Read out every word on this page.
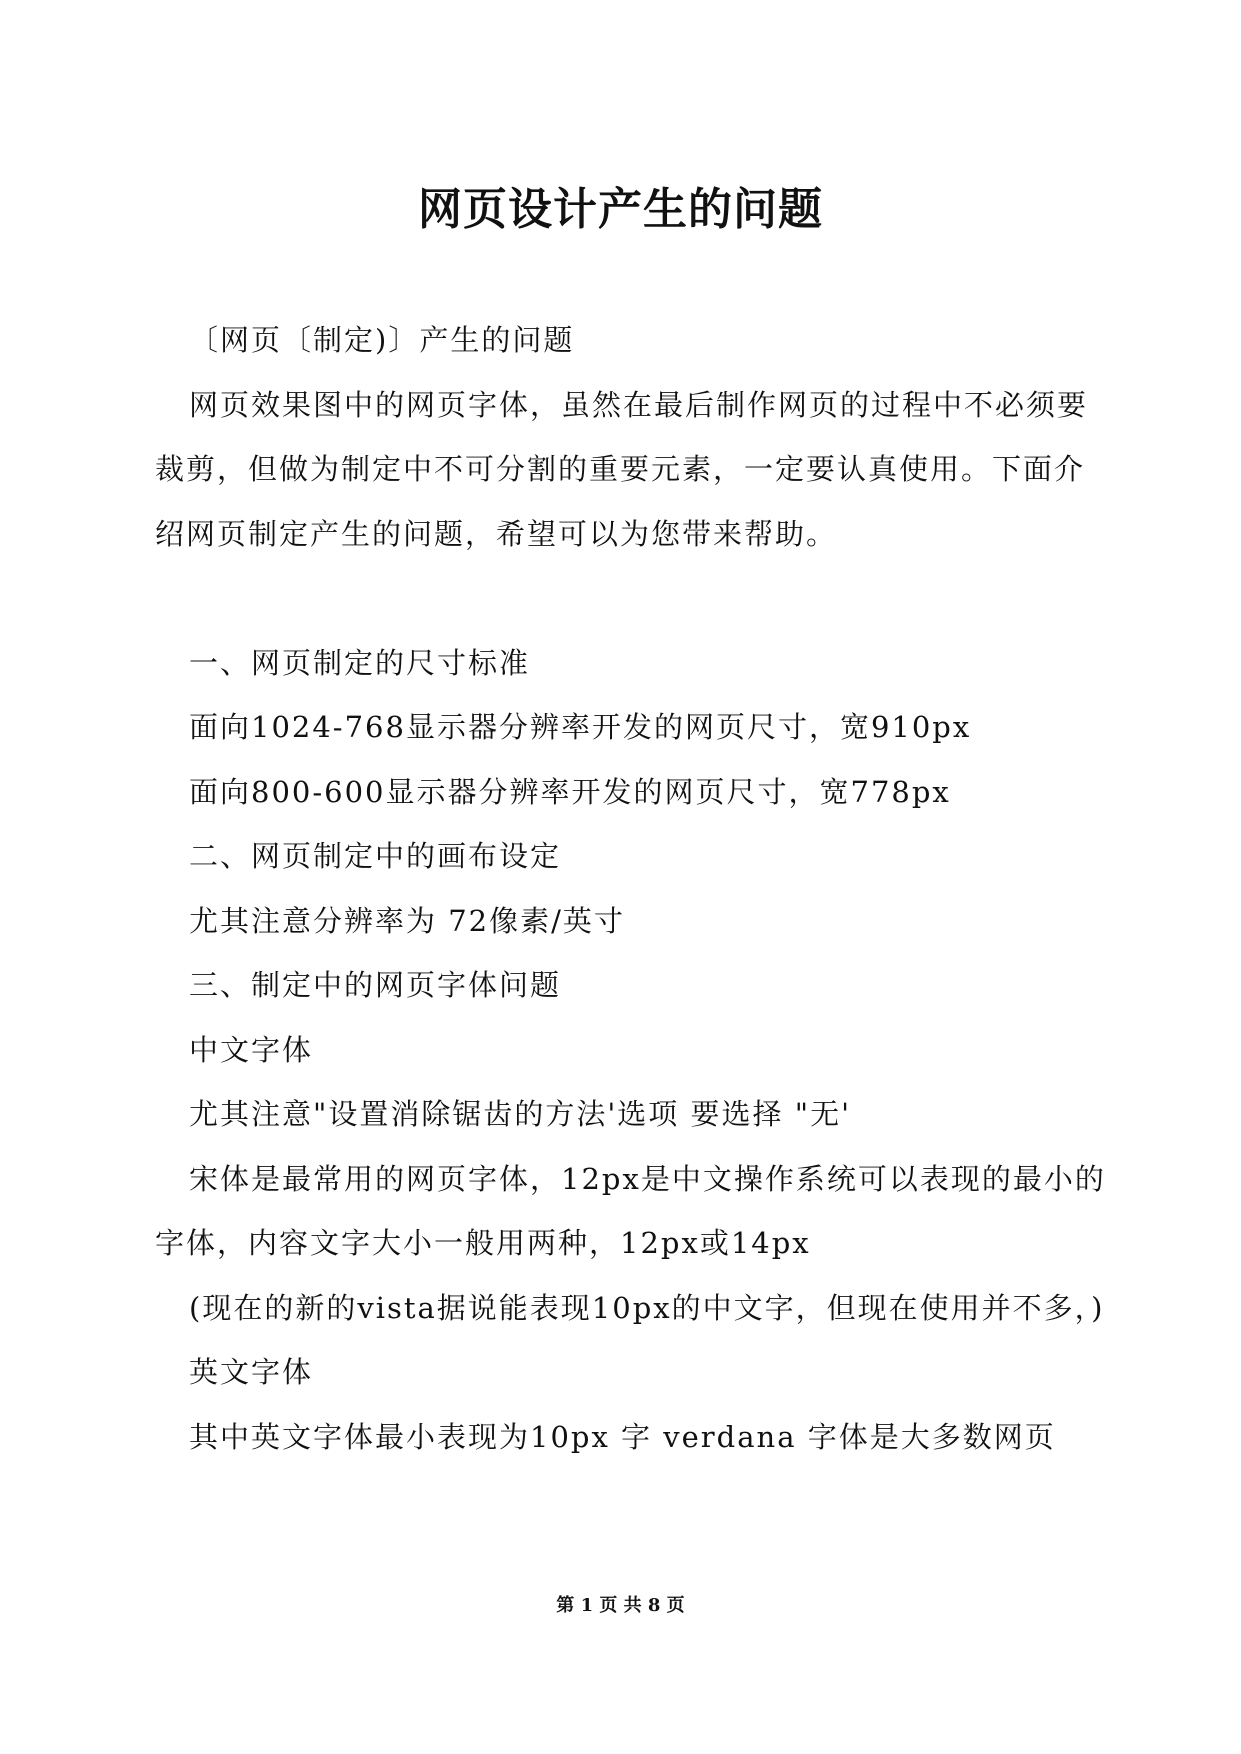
网页设计产生的问题

〔网页〔制定)〕产生的问题

网页效果图中的网页字体，虽然在最后制作网页的过程中不必须要裁剪，但做为制定中不可分割的重要元素，一定要认真使用。下面介绍网页制定产生的问题，希望可以为您带来帮助。

一、网页制定的尺寸标准

面向1024-768显示器分辨率开发的网页尺寸，宽910px

面向800-600显示器分辨率开发的网页尺寸，宽778px

二、网页制定中的画布设定

尤其注意分辨率为 72像素/英寸

三、制定中的网页字体问题

中文字体

尤其注意"设置消除锯齿的方法'选项 要选择 "无'

宋体是最常用的网页字体，12px是中文操作系统可以表现的最小的字体，内容文字大小一般用两种，12px或14px

(现在的新的vista据说能表现10px的中文字，但现在使用并不多，)

英文字体

其中英文字体最小表现为10px 字 verdana 字体是大多数网页

第 1 页 共 8 页
